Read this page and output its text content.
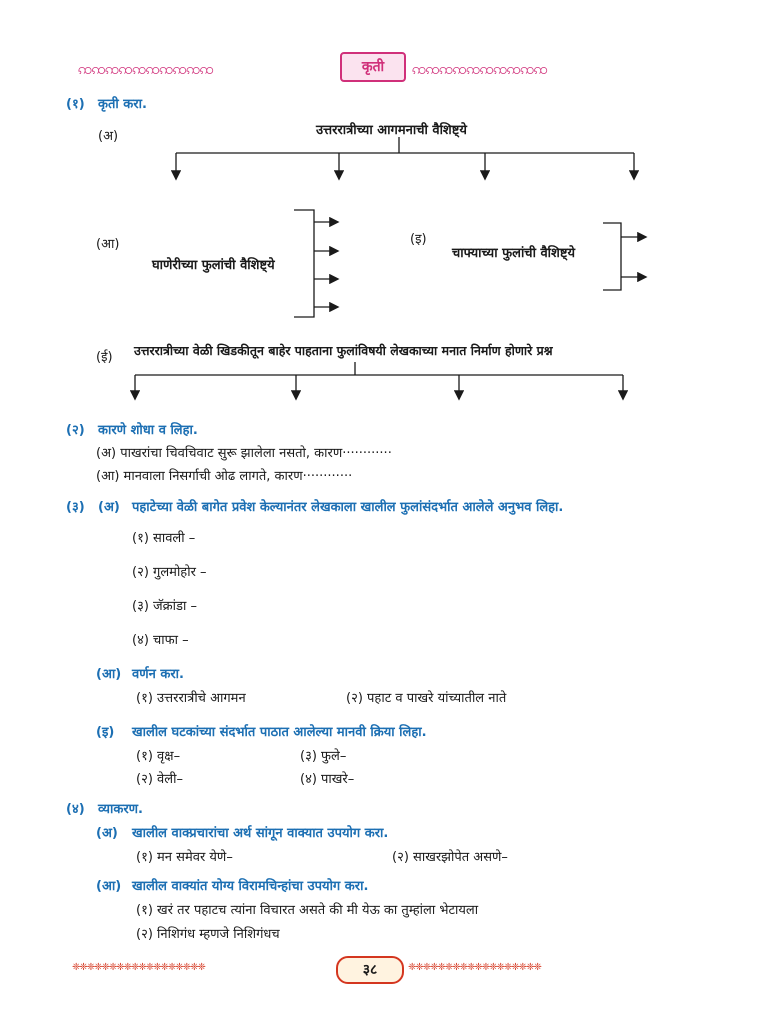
ꩡꩡꩡꩡꩡꩡꩡꩡꩡꩡ	कृती	ꩡꩡꩡꩡꩡꩡꩡꩡꩡꩡ
(१) कृती करा.
(अ)	उत्तररात्रीच्या आगमनाची वैशिष्ट्ये
(आ)
घाणेरीच्या फुलांची वैशिष्ट्ये
(इ)
चाफ्याच्या फुलांची वैशिष्ट्ये
(ई) उत्तररात्रीच्या वेळी खिडकीतून बाहेर पाहताना फुलांविषयी लेखकाच्या मनात निर्माण होणारे प्रश्न
(२) कारणे शोधा व लिहा.
(अ) पाखरांचा चिवचिवाट सुरू झालेला नसतो, कारण············
(आ) मानवाला निसर्गाची ओढ लागते, कारण············
(३) (अ) पहाटेच्या वेळी बागेत प्रवेश केल्यानंतर लेखकाला खालील फुलांसंदर्भात आलेले अनुभव लिहा.
(१) सावली –
(२) गुलमोहोर –
(३) जॅक्रांडा –
(४) चाफा –
(आ) वर्णन करा.
(१) उत्तररात्रीचे आगमन	(२) पहाट व पाखरे यांच्यातील नाते
(इ) खालील घटकांच्या संदर्भात पाठात आलेल्या मानवी क्रिया लिहा.
(१) वृक्ष–	(३) फुले–
(२) वेली–	(४) पाखरे–
(४) व्याकरण.
(अ) खालील वाक्प्रचारांचा अर्थ सांगून वाक्यात उपयोग करा.
(१) मन समेवर येणे–	(२) साखरझोपेत असणे–
(आ) खालील वाक्यांत योग्य विरामचिन्हांचा उपयोग करा.
(१) खरं तर पहाटच त्यांना विचारत असते की मी येऊ का तुम्हांला भेटायला
(२) निशिगंध म्हणजे निशिगंधच
❈❈❈❈❈❈❈❈❈❈❈❈❈❈❈❈❈❈	३८	❈❈❈❈❈❈❈❈❈❈❈❈❈❈❈❈❈❈
